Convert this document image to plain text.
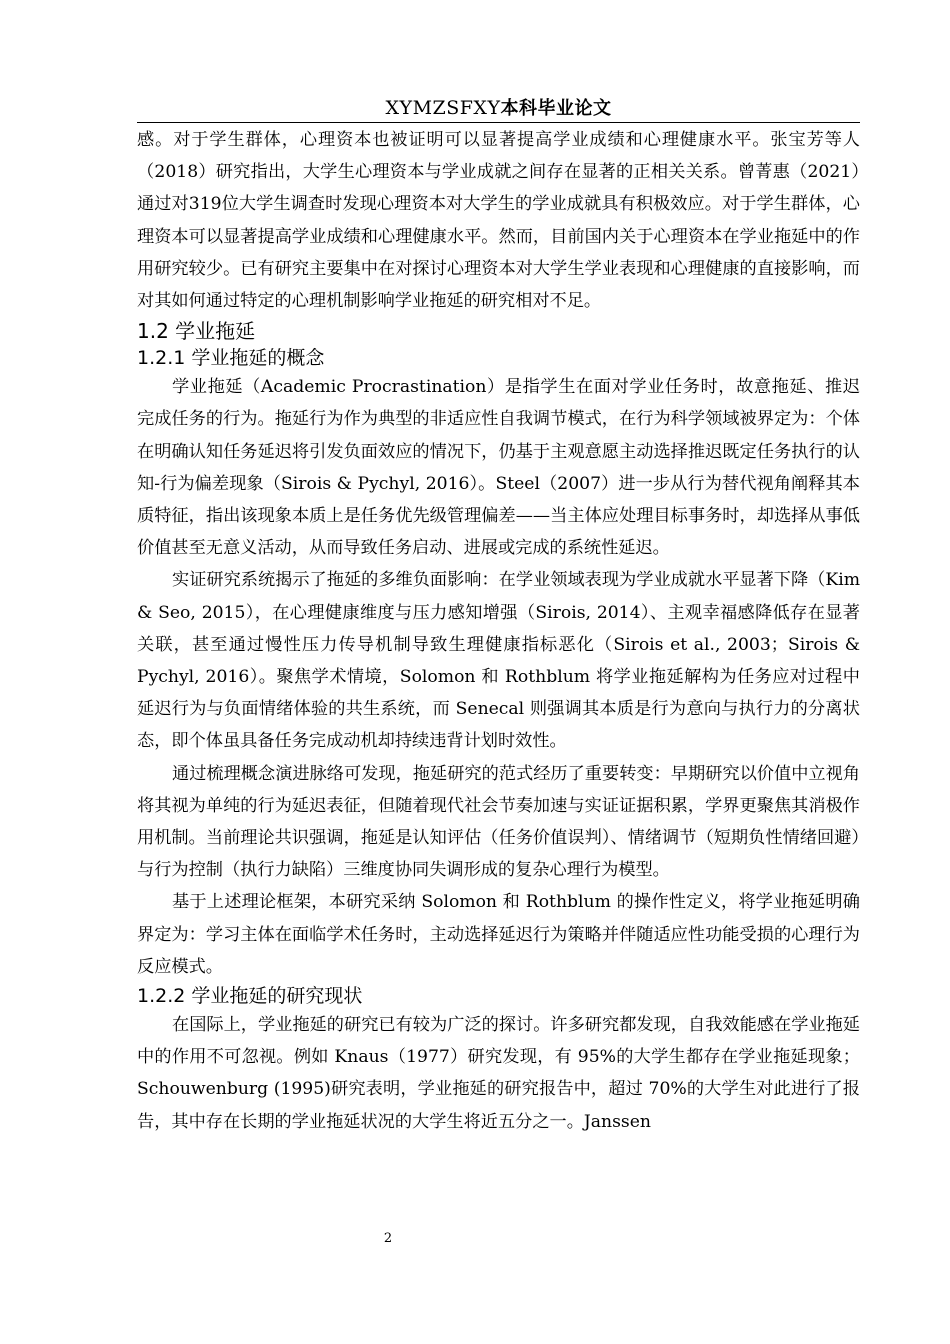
XYMZSFXY本科毕业论文

感。对于学生群体，心理资本也被证明可以显著提高学业成绩和心理健康水平。张宝芳等人（2018）研究指出，大学生心理资本与学业成就之间存在显著的正相关关系。曾菁惠（2021）通过对319位大学生调查时发现心理资本对大学生的学业成就具有积极效应。对于学生群体，心理资本可以显著提高学业成绩和心理健康水平。然而，目前国内关于心理资本在学业拖延中的作用研究较少。已有研究主要集中在对探讨心理资本对大学生学业表现和心理健康的直接影响，而对其如何通过特定的心理机制影响学业拖延的研究相对不足。

1.2 学业拖延

1.2.1 学业拖延的概念

学业拖延（Academic Procrastination）是指学生在面对学业任务时，故意拖延、推迟完成任务的行为。拖延行为作为典型的非适应性自我调节模式，在行为科学领域被界定为：个体在明确认知任务延迟将引发负面效应的情况下，仍基于主观意愿主动选择推迟既定任务执行的认知-行为偏差现象（Sirois & Pychyl, 2016）。Steel（2007）进一步从行为替代视角阐释其本质特征，指出该现象本质上是任务优先级管理偏差——当主体应处理目标事务时，却选择从事低价值甚至无意义活动，从而导致任务启动、进展或完成的系统性延迟。

实证研究系统揭示了拖延的多维负面影响：在学业领域表现为学业成就水平显著下降（Kim & Seo, 2015），在心理健康维度与压力感知增强（Sirois, 2014）、主观幸福感降低存在显著关联，甚至通过慢性压力传导机制导致生理健康指标恶化（Sirois et al., 2003；Sirois & Pychyl, 2016）。聚焦学术情境，Solomon 和 Rothblum 将学业拖延解构为任务应对过程中延迟行为与负面情绪体验的共生系统，而 Senecal 则强调其本质是行为意向与执行力的分离状态，即个体虽具备任务完成动机却持续违背计划时效性。

通过梳理概念演进脉络可发现，拖延研究的范式经历了重要转变：早期研究以价值中立视角将其视为单纯的行为延迟表征，但随着现代社会节奏加速与实证证据积累，学界更聚焦其消极作用机制。当前理论共识强调，拖延是认知评估（任务价值误判）、情绪调节（短期负性情绪回避）与行为控制（执行力缺陷）三维度协同失调形成的复杂心理行为模型。

基于上述理论框架，本研究采纳 Solomon 和 Rothblum 的操作性定义，将学业拖延明确界定为：学习主体在面临学术任务时，主动选择延迟行为策略并伴随适应性功能受损的心理行为反应模式。

1.2.2 学业拖延的研究现状

在国际上，学业拖延的研究已有较为广泛的探讨。许多研究都发现，自我效能感在学业拖延中的作用不可忽视。例如 Knaus（1977）研究发现，有 95%的大学生都存在学业拖延现象；Schouwenburg (1995)研究表明，学业拖延的研究报告中，超过 70%的大学生对此进行了报告，其中存在长期的学业拖延状况的大学生将近五分之一。Janssen

2
